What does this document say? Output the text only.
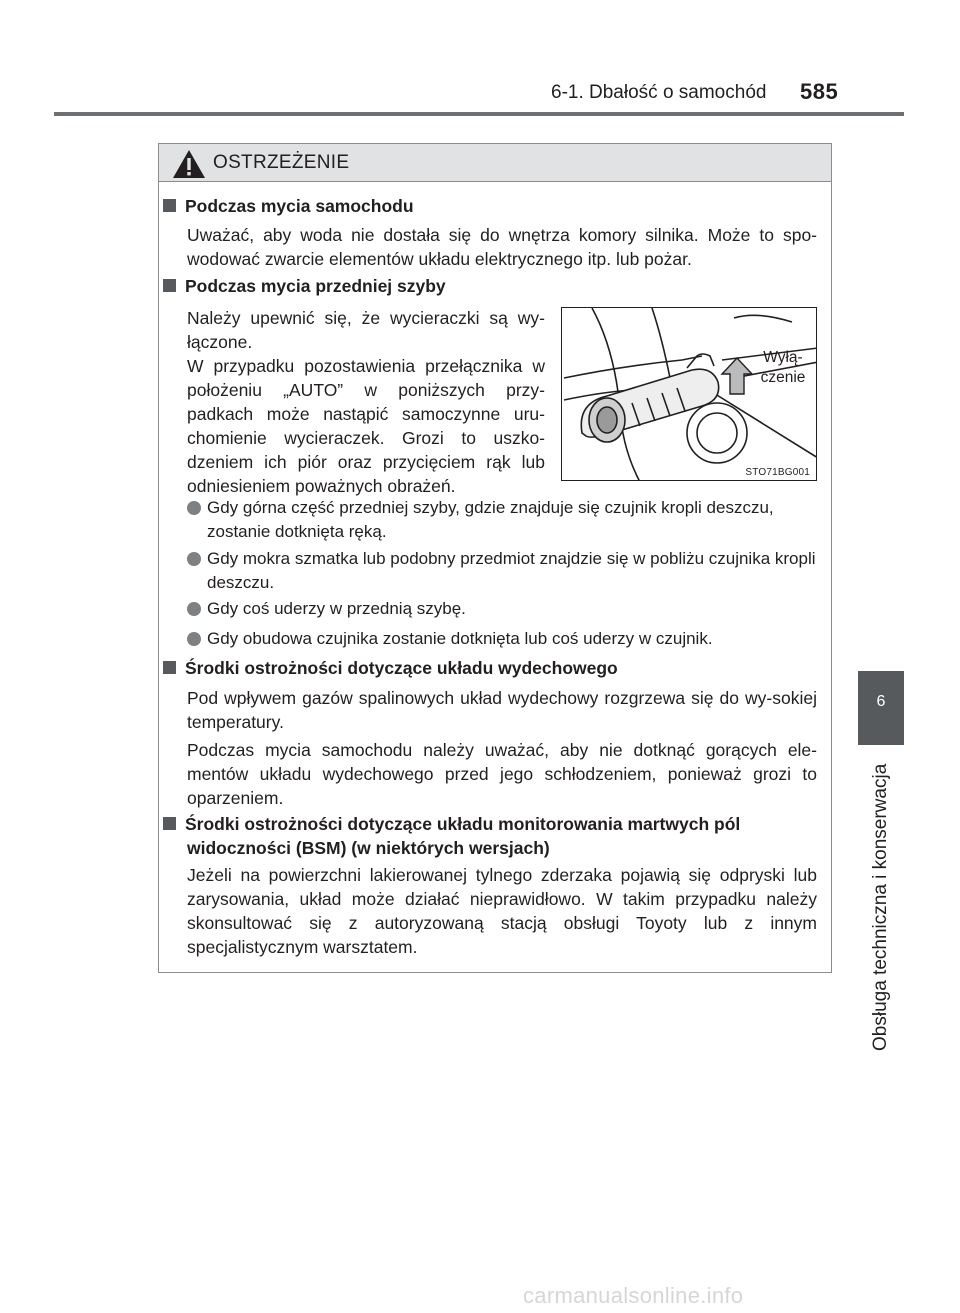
6-1. Dbałość o samochód 585
6
Obsługa techniczna i konserwacja
OSTRZEŻENIE
Podczas mycia samochodu
Uważać, aby woda nie dostała się do wnętrza komory silnika. Może to spo-wodować zwarcie elementów układu elektrycznego itp. lub pożar.
Podczas mycia przedniej szyby
Należy upewnić się, że wycieraczki są wy-łączone.
W przypadku pozostawienia przełącznika w położeniu „AUTO” w poniższych przy-padkach może nastąpić samoczynne uru-chomienie wycieraczek. Grozi to uszko-dzeniem ich piór oraz przycięciem rąk lub odniesieniem poważnych obrażeń.
Wyłą-
czenie
STO71BG001
Gdy górna część przedniej szyby, gdzie znajduje się czujnik kropli deszczu, zostanie dotknięta ręką.
Gdy mokra szmatka lub podobny przedmiot znajdzie się w pobliżu czujnika kropli deszczu.
Gdy coś uderzy w przednią szybę.
Gdy obudowa czujnika zostanie dotknięta lub coś uderzy w czujnik.
Środki ostrożności dotyczące układu wydechowego
Pod wpływem gazów spalinowych układ wydechowy rozgrzewa się do wy-sokiej temperatury.
Podczas mycia samochodu należy uważać, aby nie dotknąć gorących ele-mentów układu wydechowego przed jego schłodzeniem, ponieważ grozi to oparzeniem.
Środki ostrożności dotyczące układu monitorowania martwych pól
widoczności (BSM) (w niektórych wersjach)
Jeżeli na powierzchni lakierowanej tylnego zderzaka pojawią się odpryski lub zarysowania, układ może działać nieprawidłowo. W takim przypadku należy skonsultować się z autoryzowaną stacją obsługi Toyoty lub z innym specjalistycznym warsztatem.
carmanualsonline.info
